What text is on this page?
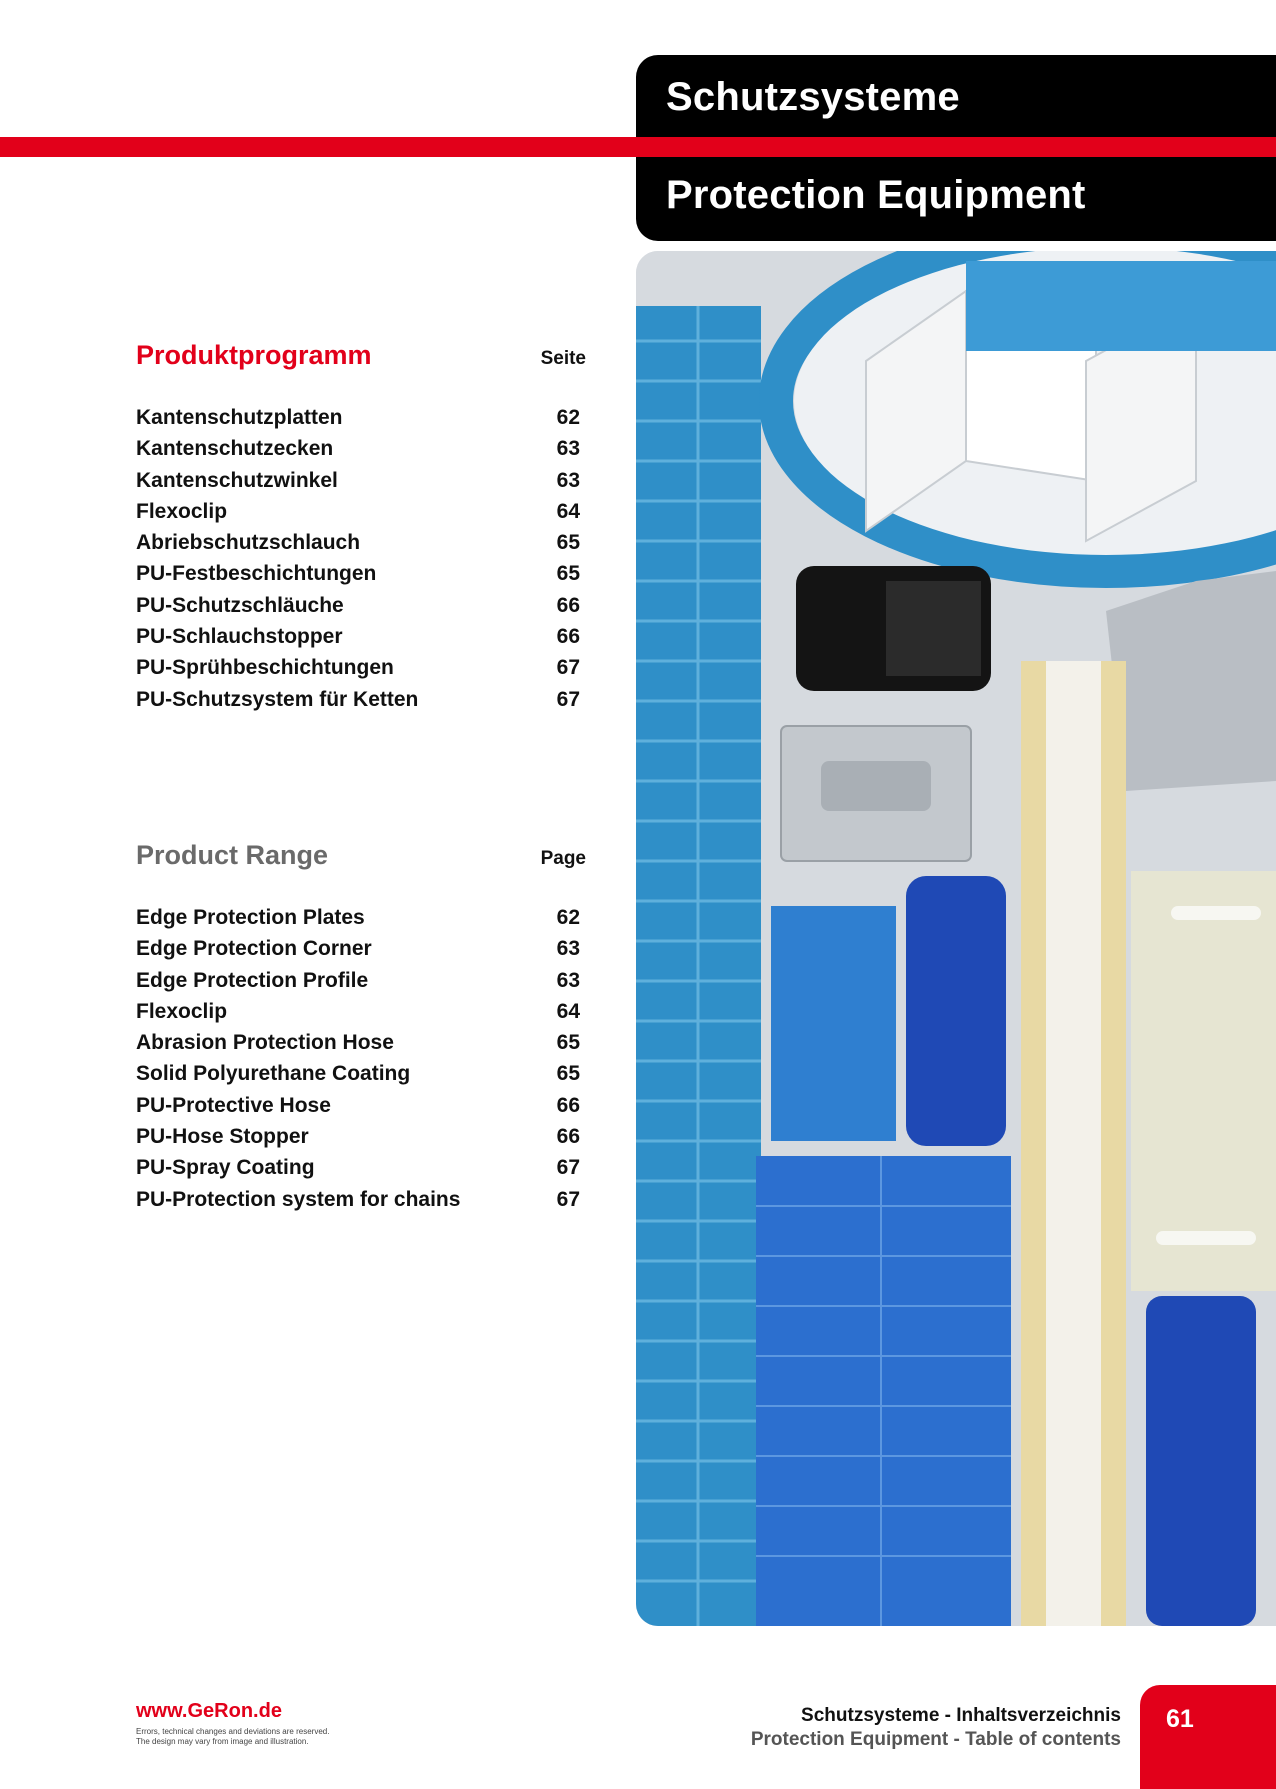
Schutzsysteme
Protection Equipment
Produktprogramm	Seite
Kantenschutzplatten	62
Kantenschutzecken	63
Kantenschutzwinkel	63
Flexoclip	64
Abriebschutzschlauch	65
PU-Festbeschichtungen	65
PU-Schutzschläuche	66
PU-Schlauchstopper	66
PU-Sprühbeschichtungen	67
PU-Schutzsystem für Ketten	67
Product Range	Page
Edge Protection Plates	62
Edge Protection Corner	63
Edge Protection Profile	63
Flexoclip	64
Abrasion Protection Hose	65
Solid Polyurethane Coating	65
PU-Protective Hose	66
PU-Hose Stopper	66
PU-Spray Coating	67
PU-Protection system for chains	67
www.GeRon.de
Errors, technical changes and deviations are reserved.
The design may vary from image and illustration.
Schutzsysteme - Inhaltsverzeichnis
Protection Equipment - Table of contents
61
